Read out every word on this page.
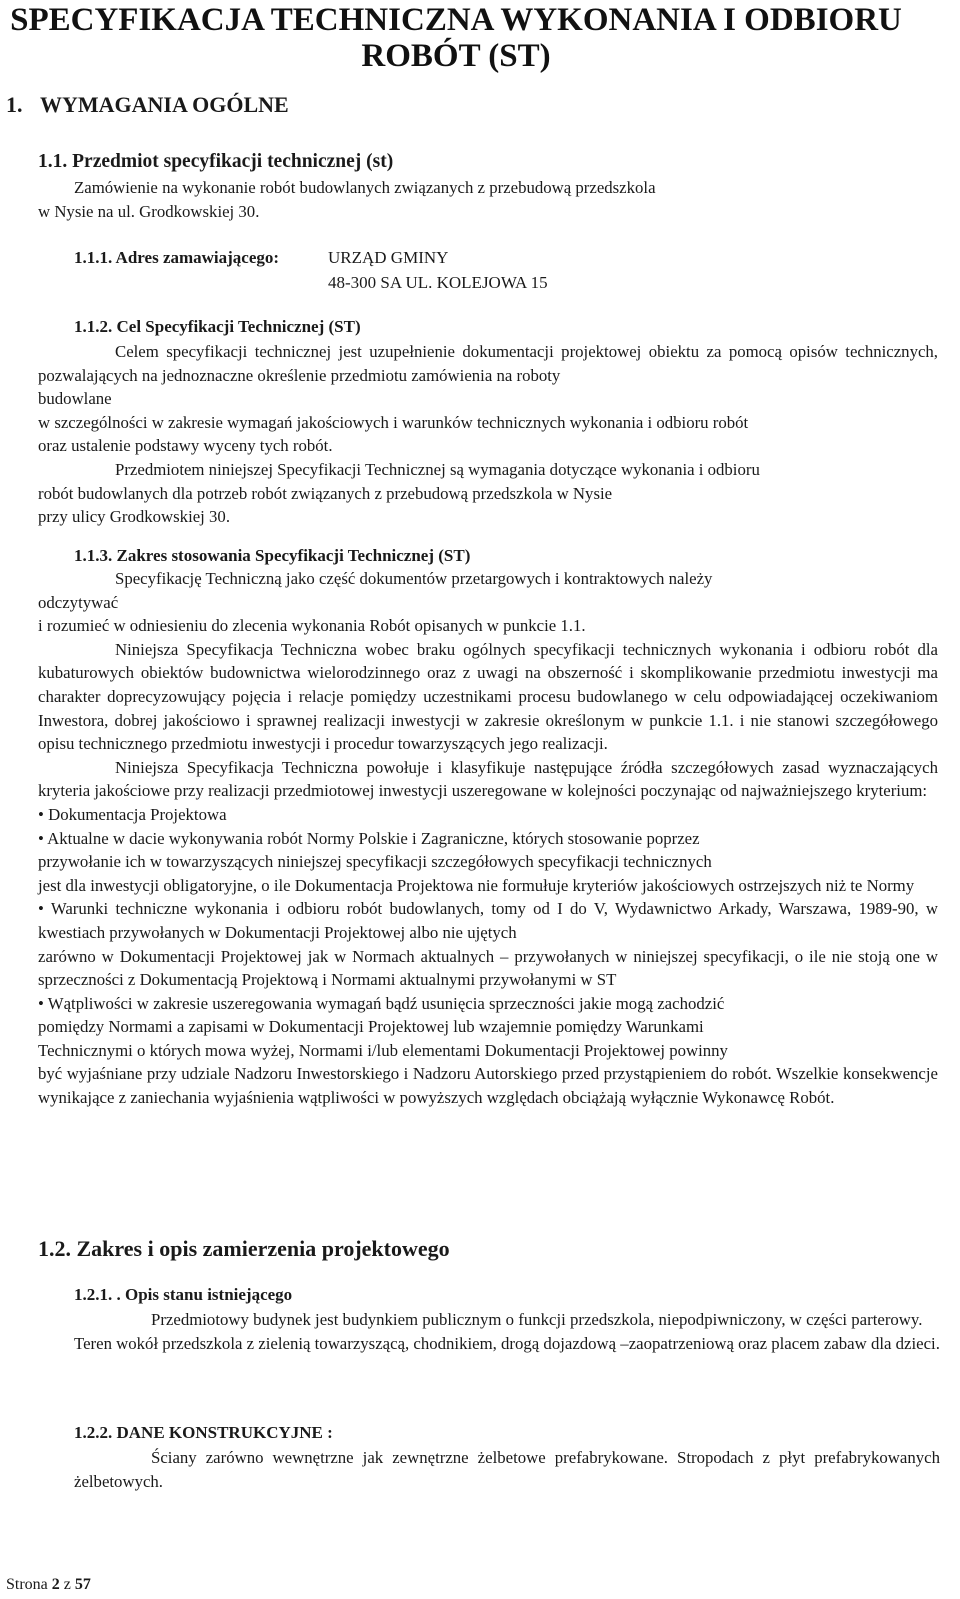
SPECYFIKACJA TECHNICZNA WYKONANIA I ODBIORU
ROBÓT (ST)
1. WYMAGANIA OGÓLNE
1.1. Przedmiot specyfikacji technicznej (st)
Zamówienie na wykonanie robót budowlanych związanych z przebudową przedszkola
w Nysie na ul. Grodkowskiej 30.
1.1.1. Adres zamawiającego:	URZĄD GMINY
48-300 SA UL. KOLEJOWA 15
1.1.2. Cel Specyfikacji Technicznej (ST)

Celem specyfikacji technicznej jest uzupełnienie dokumentacji projektowej obiektu za pomocą opisów technicznych, pozwalających na jednoznaczne określenie przedmiotu zamówienia na roboty

budowlane

w szczególności w zakresie wymagań jakościowych i warunków technicznych wykonania i odbioru robót

oraz ustalenie podstawy wyceny tych robót.

Przedmiotem niniejszej Specyfikacji Technicznej są wymagania dotyczące wykonania i odbioru

robót budowlanych dla potrzeb robót związanych z przebudową przedszkola w Nysie

przy ulicy Grodkowskiej 30.

1.1.3. Zakres stosowania Specyfikacji Technicznej (ST)

Specyfikację Techniczną jako część dokumentów przetargowych i kontraktowych należy

odczytywać

i rozumieć w odniesieniu do zlecenia wykonania Robót opisanych w punkcie 1.1.

Niniejsza Specyfikacja Techniczna wobec braku ogólnych specyfikacji technicznych wykonania i odbioru robót dla kubaturowych obiektów budownictwa wielorodzinnego oraz z uwagi na obszerność i skomplikowanie przedmiotu inwestycji ma charakter doprecyzowujący pojęcia i relacje pomiędzy uczestnikami procesu budowlanego w celu odpowiadającej oczekiwaniom Inwestora, dobrej jakościowo i sprawnej realizacji inwestycji w zakresie określonym w punkcie 1.1. i nie stanowi szczegółowego opisu technicznego przedmiotu inwestycji i procedur towarzyszących jego realizacji.

Niniejsza Specyfikacja Techniczna powołuje i klasyfikuje następujące źródła szczegółowych zasad wyznaczających kryteria jakościowe przy realizacji przedmiotowej inwestycji uszeregowane w kolejności poczynając od najważniejszego kryterium:

• Dokumentacja Projektowa

• Aktualne w dacie wykonywania robót Normy Polskie i Zagraniczne, których stosowanie poprzez

przywołanie ich w towarzyszących niniejszej specyfikacji szczegółowych specyfikacji technicznych

jest dla inwestycji obligatoryjne, o ile Dokumentacja Projektowa nie formułuje kryteriów jakościowych ostrzejszych niż te Normy

• Warunki techniczne wykonania i odbioru robót budowlanych, tomy od I do V, Wydawnictwo Arkady, Warszawa, 1989-90, w kwestiach przywołanych w Dokumentacji Projektowej albo nie ujętych

zarówno w Dokumentacji Projektowej jak w Normach aktualnych – przywołanych w niniejszej specyfikacji, o ile nie stoją one w sprzeczności z Dokumentacją Projektową i Normami aktualnymi przywołanymi w ST

• Wątpliwości w zakresie uszeregowania wymagań bądź usunięcia sprzeczności jakie mogą zachodzić

pomiędzy Normami a zapisami w Dokumentacji Projektowej lub wzajemnie pomiędzy Warunkami

Technicznymi o których mowa wyżej, Normami i/lub elementami Dokumentacji Projektowej powinny

być wyjaśniane przy udziale Nadzoru Inwestorskiego i Nadzoru Autorskiego przed przystąpieniem do robót. Wszelkie konsekwencje wynikające z zaniechania wyjaśnienia wątpliwości w powyższych względach obciążają wyłącznie Wykonawcę Robót.

1.2. Zakres i opis zamierzenia projektowego
1.2.1. . Opis stanu istniejącego

Przedmiotowy budynek jest budynkiem publicznym o funkcji przedszkola, niepodpiwniczony, w części parterowy.

Teren wokół przedszkola z zielenią towarzyszącą, chodnikiem, drogą dojazdową –zaopatrzeniową oraz placem zabaw dla dzieci.

1.2.2. DANE KONSTRUKCYJNE :

Ściany zarówno wewnętrzne jak zewnętrzne żelbetowe prefabrykowane. Stropodach z płyt prefabrykowanych żelbetowych.

Strona 2 z 57
